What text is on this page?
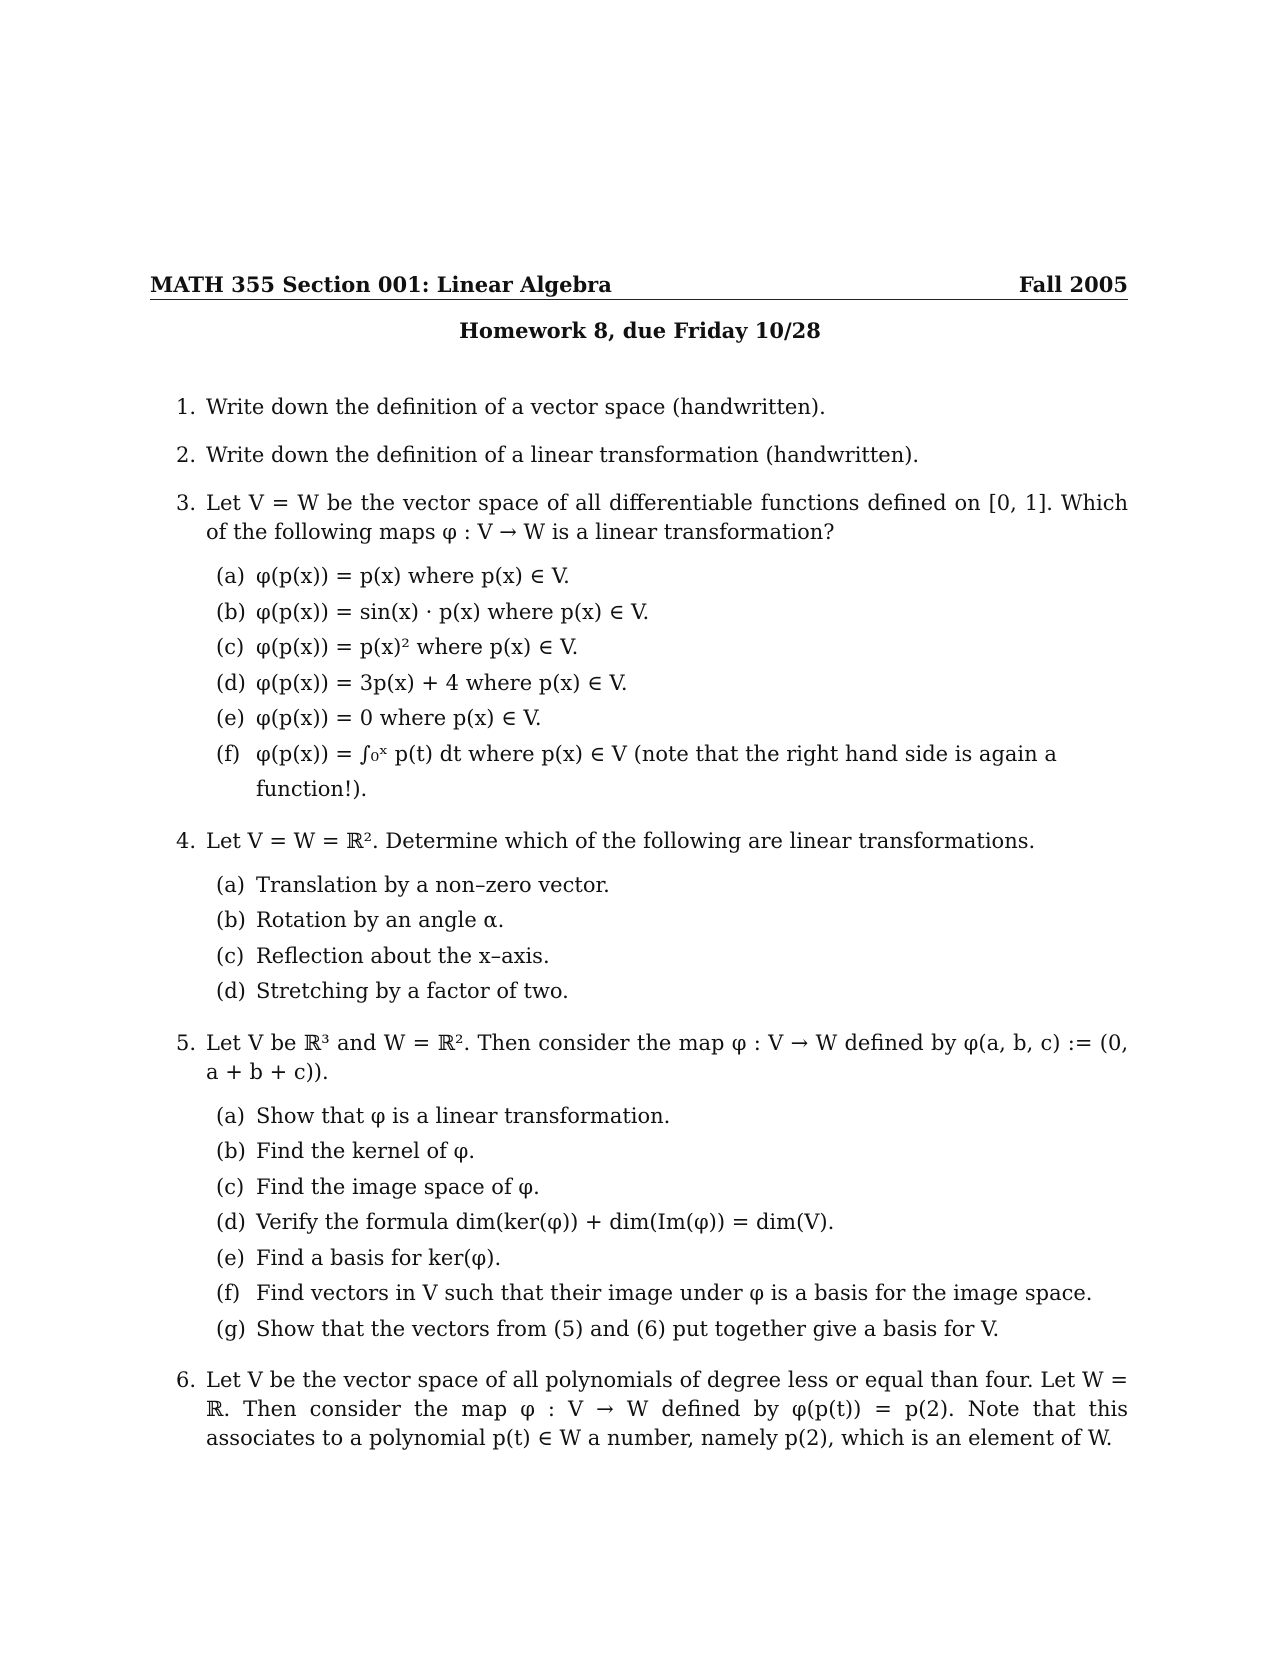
MATH 355 Section 001: Linear Algebra	Fall 2005
Homework 8, due Friday 10/28
1. Write down the definition of a vector space (handwritten).
2. Write down the definition of a linear transformation (handwritten).
3. Let V = W be the vector space of all differentiable functions defined on [0, 1]. Which of the following maps φ : V → W is a linear transformation?
(a) φ(p(x)) = p(x) where p(x) ∈ V.
(b) φ(p(x)) = sin(x) · p(x) where p(x) ∈ V.
(c) φ(p(x)) = p(x)² where p(x) ∈ V.
(d) φ(p(x)) = 3p(x) + 4 where p(x) ∈ V.
(e) φ(p(x)) = 0 where p(x) ∈ V.
(f) φ(p(x)) = ∫₀ˣ p(t) dt where p(x) ∈ V (note that the right hand side is again a function!).
4. Let V = W = ℝ². Determine which of the following are linear transformations.
(a) Translation by a non–zero vector.
(b) Rotation by an angle α.
(c) Reflection about the x–axis.
(d) Stretching by a factor of two.
5. Let V be ℝ³ and W = ℝ². Then consider the map φ : V → W defined by φ(a, b, c) := (0, a + b + c)).
(a) Show that φ is a linear transformation.
(b) Find the kernel of φ.
(c) Find the image space of φ.
(d) Verify the formula dim(ker(φ)) + dim(Im(φ)) = dim(V).
(e) Find a basis for ker(φ).
(f) Find vectors in V such that their image under φ is a basis for the image space.
(g) Show that the vectors from (5) and (6) put together give a basis for V.
6. Let V be the vector space of all polynomials of degree less or equal than four. Let W = ℝ. Then consider the map φ : V → W defined by φ(p(t)) = p(2). Note that this associates to a polynomial p(t) ∈ W a number, namely p(2), which is an element of W.
